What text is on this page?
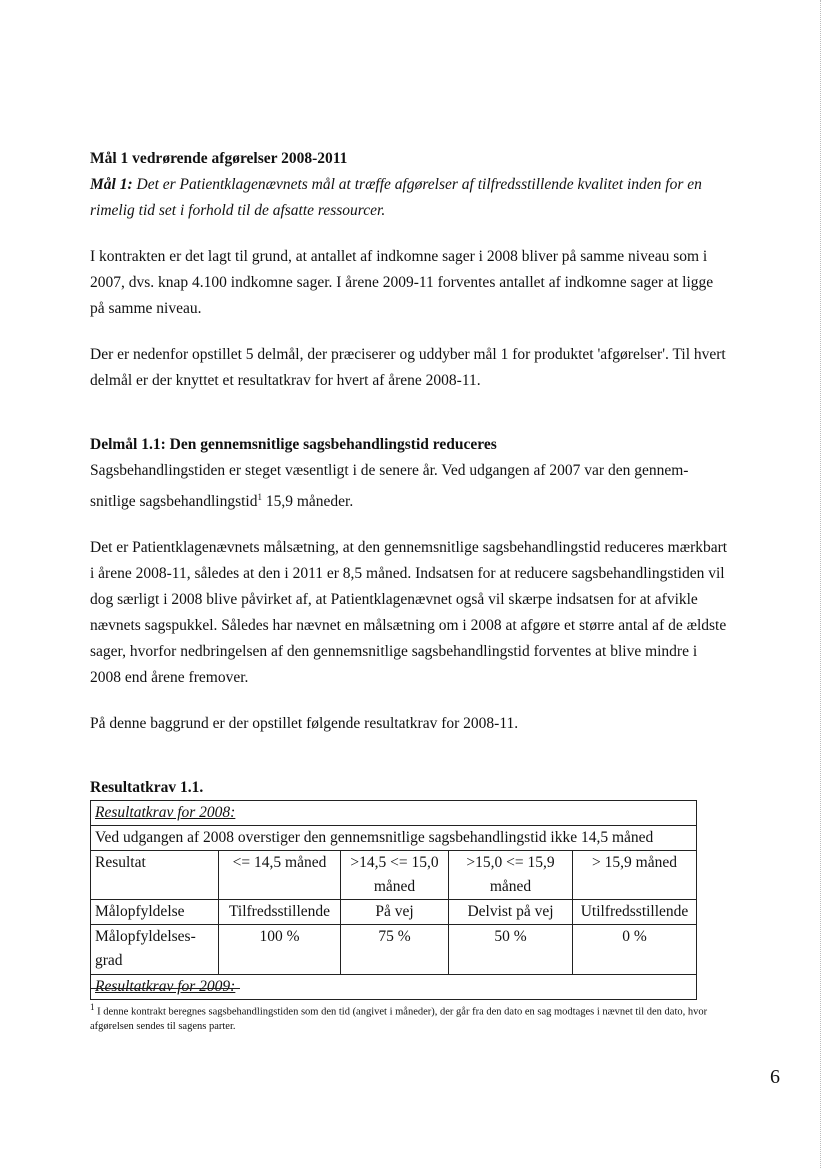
Mål 1 vedrørende afgørelser 2008-2011

Mål 1: Det er Patientklagenævnets mål at træffe afgørelser af tilfredsstillende kvalitet inden for en rimelig tid set i forhold til de afsatte ressourcer.

I kontrakten er det lagt til grund, at antallet af indkomne sager i 2008 bliver på samme niveau som i 2007, dvs. knap 4.100 indkomne sager. I årene 2009-11 forventes antallet af indkomne sager at ligge på samme niveau.

Der er nedenfor opstillet 5 delmål, der præciserer og uddyber mål 1 for produktet 'afgørelser'. Til hvert delmål er der knyttet et resultatkrav for hvert af årene 2008-11.

Delmål 1.1: Den gennemsnitlige sagsbehandlingstid reduceres

Sagsbehandlingstiden er steget væsentligt i de senere år. Ved udgangen af 2007 var den gennem-snitlige sagsbehandlingstid$^1$ 15,9 måneder.

Det er Patientklagenævnets målsætning, at den gennemsnitlige sagsbehandlingstid reduceres mærkbart i årene 2008-11, således at den i 2011 er 8,5 måned. Indsatsen for at reducere sagsbehandlingstiden vil dog særligt i 2008 blive påvirket af, at Patientklagenævnet også vil skærpe indsatsen for at afvikle nævnets sagspukkel. Således har nævnet en målsætning om i 2008 at afgøre et større antal af de ældste sager, hvorfor nedbringelsen af den gennemsnitlige sagsbehandlingstid forventes at blive mindre i 2008 end årene fremover.

På denne baggrund er der opstillet følgende resultatkrav for 2008-11.

Resultatkrav 1.1.
Resultatkrav for 2008:				
Ved udgangen af 2008 overstiger den gennemsnitlige sagsbehandlingstid ikke 14,5 måned				
Resultat	<= 14,5 måned	>14,5 <= 15,0 måned	>15,0 <= 15,9 måned	> 15,9 måned
Målopfyldelse	Tilfredsstillende	På vej	Delvist på vej	Utilfredsstillende
Målopfyldelses-grad	100 %	75 %	50 %	0 %
Resultatkrav for 2009:				
$^1$ I denne kontrakt beregnes sagsbehandlingstiden som den tid (angivet i måneder), der går fra den dato en sag modtages i nævnet til den dato, hvor afgørelsen sendes til sagens parter.
6
